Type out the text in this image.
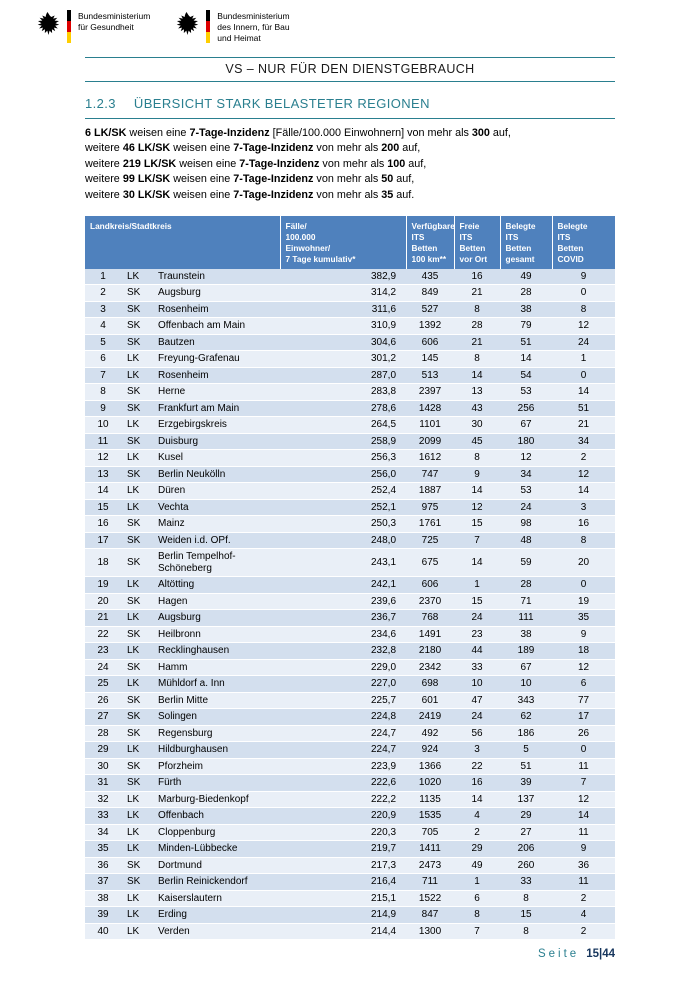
Bundesministerium
für Gesundheit
Bundesministerium
des Innern, für Bau
und Heimat
VS – NUR FÜR DEN DIENSTGEBRAUCH
1.2.3 ÜBERSICHT STARK BELASTETER REGIONEN
6 LK/SK weisen eine 7-Tage-Inzidenz [Fälle/100.000 Einwohnern] von mehr als 300 auf,
weitere 46 LK/SK weisen eine 7-Tage-Inzidenz von mehr als 200 auf,
weitere 219 LK/SK weisen eine 7-Tage-Inzidenz von mehr als 100 auf,
weitere 99 LK/SK weisen eine 7-Tage-Inzidenz von mehr als 50 auf,
weitere 30 LK/SK weisen eine 7-Tage-Inzidenz von mehr als 35 auf.
Landkreis/Stadtkreis			Fälle/
100.000
Einwohner/
7 Tage kumulativ*	Verfügbare
ITS
Betten
100 km**	Freie
ITS
Betten
vor Ort	Belegte
ITS
Betten
gesamt	Belegte
ITS
Betten
COVID
1	LK	Traunstein	382,9	435	16	49	9
2	SK	Augsburg	314,2	849	21	28	0
3	SK	Rosenheim	311,6	527	8	38	8
4	SK	Offenbach am Main	310,9	1392	28	79	12
5	SK	Bautzen	304,6	606	21	51	24
6	LK	Freyung-Grafenau	301,2	145	8	14	1
7	LK	Rosenheim	287,0	513	14	54	0
8	SK	Herne	283,8	2397	13	53	14
9	SK	Frankfurt am Main	278,6	1428	43	256	51
10	LK	Erzgebirgskreis	264,5	1101	30	67	21
11	SK	Duisburg	258,9	2099	45	180	34
12	LK	Kusel	256,3	1612	8	12	2
13	SK	Berlin Neukölln	256,0	747	9	34	12
14	LK	Düren	252,4	1887	14	53	14
15	LK	Vechta	252,1	975	12	24	3
16	SK	Mainz	250,3	1761	15	98	16
17	SK	Weiden i.d. OPf.	248,0	725	7	48	8
18	SK	Berlin Tempelhof-Schöneberg	243,1	675	14	59	20
19	LK	Altötting	242,1	606	1	28	0
20	SK	Hagen	239,6	2370	15	71	19
21	LK	Augsburg	236,7	768	24	111	35
22	SK	Heilbronn	234,6	1491	23	38	9
23	LK	Recklinghausen	232,8	2180	44	189	18
24	SK	Hamm	229,0	2342	33	67	12
25	LK	Mühldorf a. Inn	227,0	698	10	10	6
26	SK	Berlin Mitte	225,7	601	47	343	77
27	SK	Solingen	224,8	2419	24	62	17
28	SK	Regensburg	224,7	492	56	186	26
29	LK	Hildburghausen	224,7	924	3	5	0
30	SK	Pforzheim	223,9	1366	22	51	11
31	SK	Fürth	222,6	1020	16	39	7
32	LK	Marburg-Biedenkopf	222,2	1135	14	137	12
33	LK	Offenbach	220,9	1535	4	29	14
34	LK	Cloppenburg	220,3	705	2	27	11
35	LK	Minden-Lübbecke	219,7	1411	29	206	9
36	SK	Dortmund	217,3	2473	49	260	36
37	SK	Berlin Reinickendorf	216,4	711	1	33	11
38	LK	Kaiserslautern	215,1	1522	6	8	2
39	LK	Erding	214,9	847	8	15	4
40	LK	Verden	214,4	1300	7	8	2
Seite 15|44
